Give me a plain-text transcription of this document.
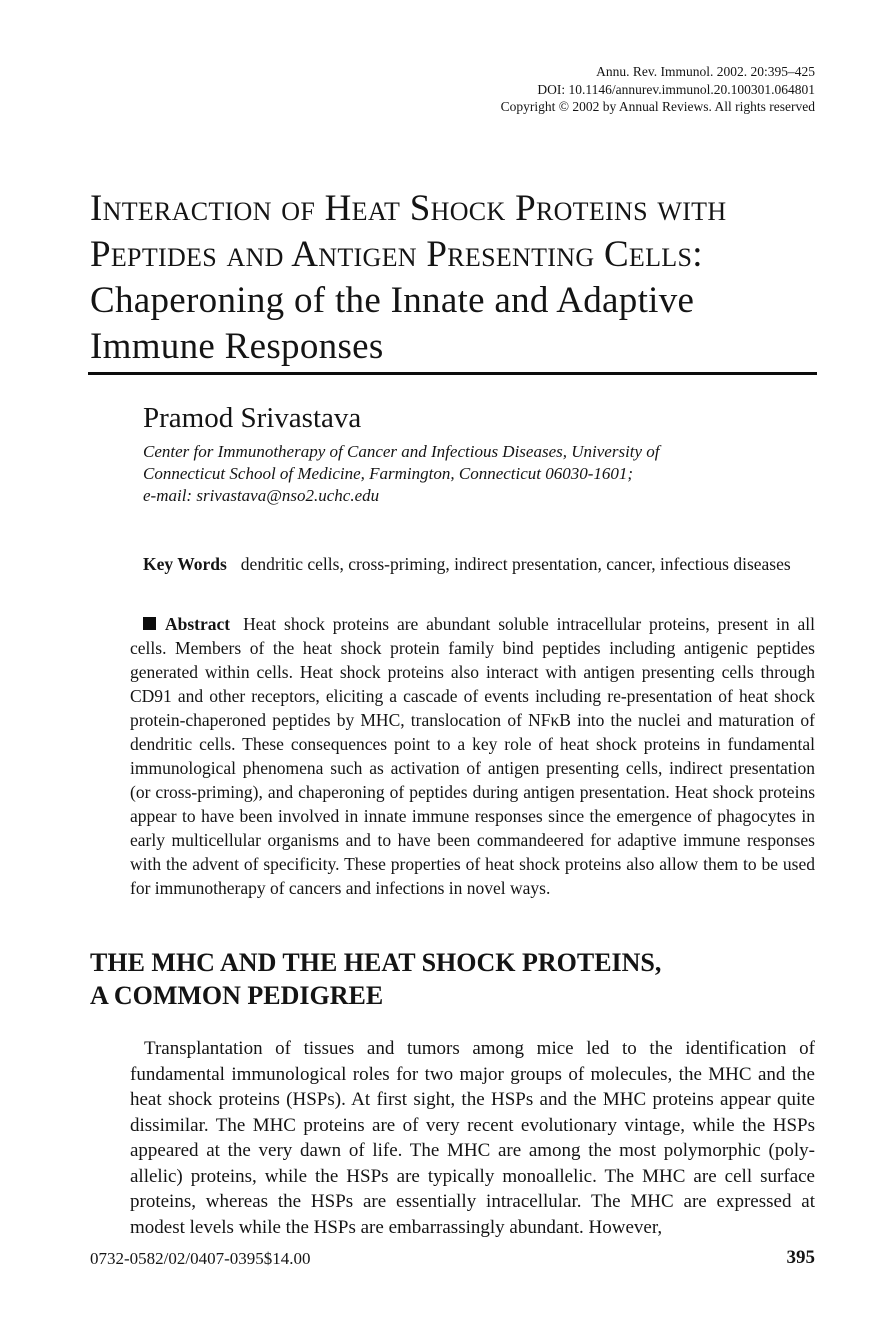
Annu. Rev. Immunol. 2002. 20:395–425
DOI: 10.1146/annurev.immunol.20.100301.064801
Copyright © 2002 by Annual Reviews. All rights reserved
Interaction of Heat Shock Proteins with
Peptides and Antigen Presenting Cells:
Chaperoning of the Innate and Adaptive
Immune Responses
Pramod Srivastava
Center for Immunotherapy of Cancer and Infectious Diseases, University of
Connecticut School of Medicine, Farmington, Connecticut 06030-1601;
e-mail: srivastava@nso2.uchc.edu

Key Words dendritic cells, cross-priming, indirect presentation, cancer, infectious diseases

Abstract Heat shock proteins are abundant soluble intracellular proteins, present in all cells. Members of the heat shock protein family bind peptides including antigenic peptides generated within cells. Heat shock proteins also interact with antigen presenting cells through CD91 and other receptors, eliciting a cascade of events including re-presentation of heat shock protein-chaperoned peptides by MHC, translocation of NFκB into the nuclei and maturation of dendritic cells. These consequences point to a key role of heat shock proteins in fundamental immunological phenomena such as activation of antigen presenting cells, indirect presentation (or cross-priming), and chaperoning of peptides during antigen presentation. Heat shock proteins appear to have been involved in innate immune responses since the emergence of phagocytes in early multicellular organisms and to have been commandeered for adaptive immune responses with the advent of specificity. These properties of heat shock proteins also allow them to be used for immunotherapy of cancers and infections in novel ways.

THE MHC AND THE HEAT SHOCK PROTEINS,
A COMMON PEDIGREE

Transplantation of tissues and tumors among mice led to the identification of fundamental immunological roles for two major groups of molecules, the MHC and the heat shock proteins (HSPs). At first sight, the HSPs and the MHC proteins appear quite dissimilar. The MHC proteins are of very recent evolutionary vintage, while the HSPs appeared at the very dawn of life. The MHC are among the most polymorphic (poly-allelic) proteins, while the HSPs are typically monoallelic. The MHC are cell surface proteins, whereas the HSPs are essentially intracellular. The MHC are expressed at modest levels while the HSPs are embarrassingly abundant. However,

0732-0582/02/0407-0395$14.00	395
